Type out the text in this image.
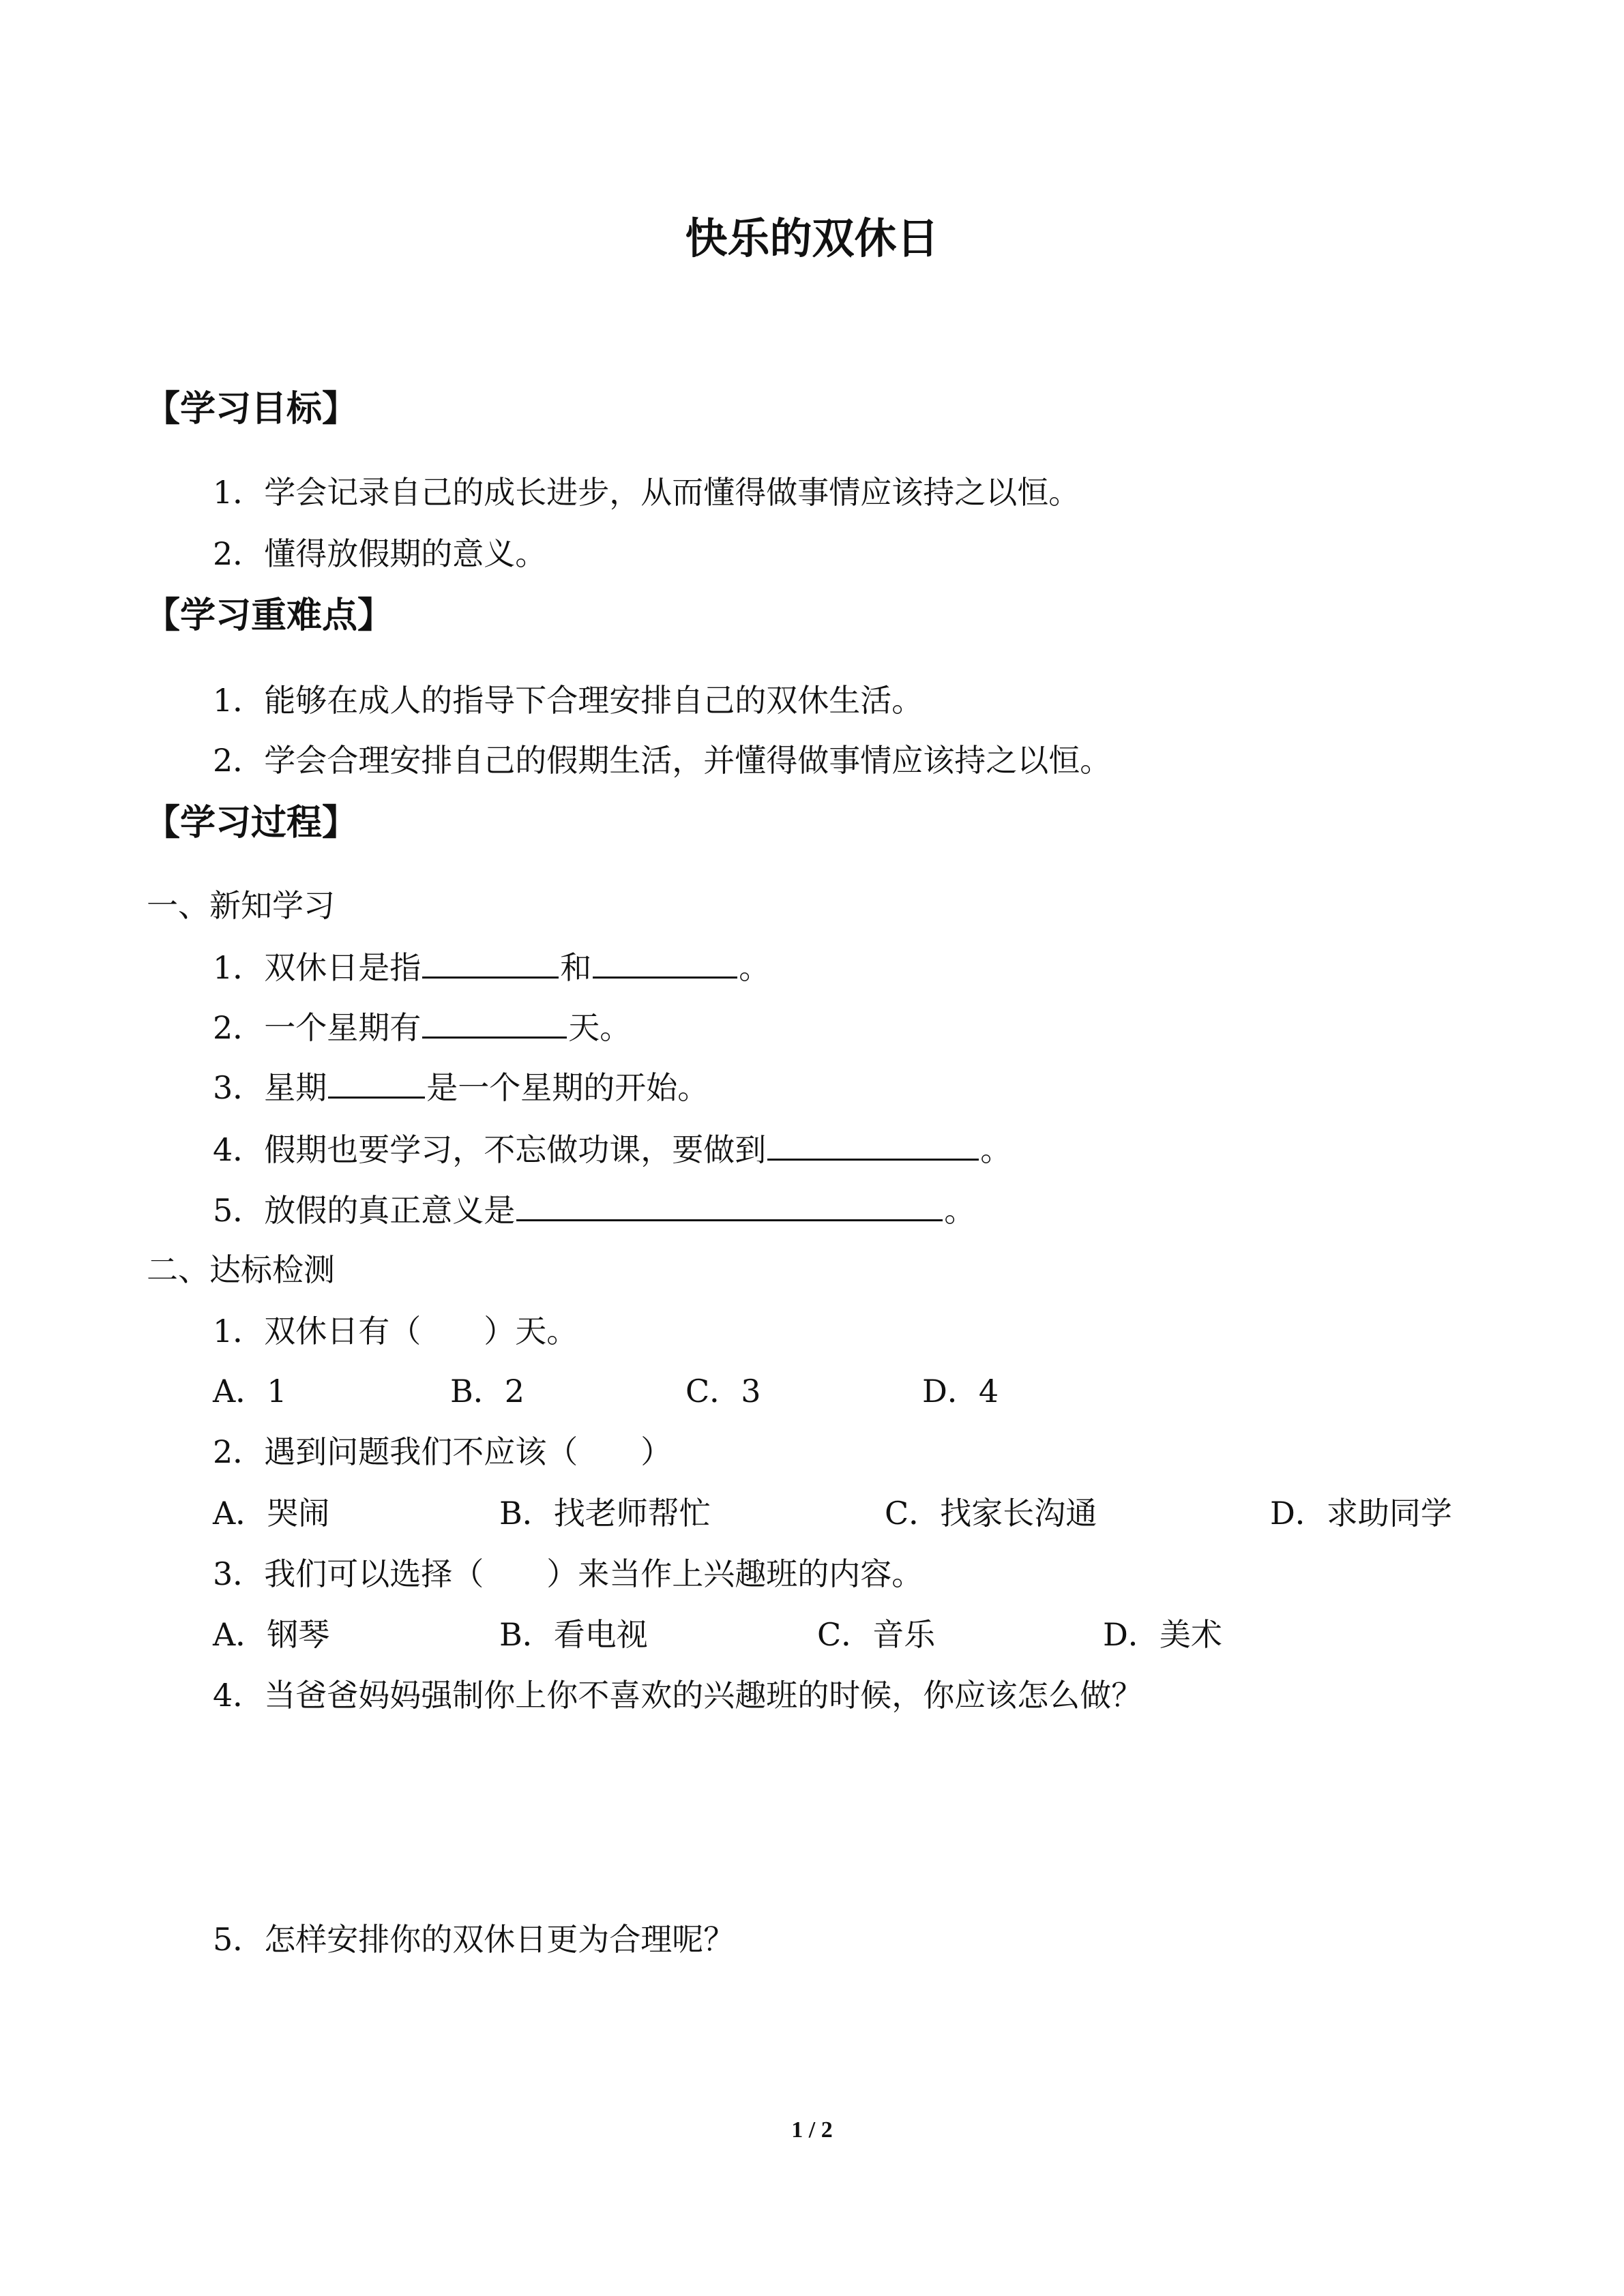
快乐的双休日
【学习目标】
1．学会记录自己的成长进步，从而懂得做事情应该持之以恒。
2．懂得放假期的意义。
【学习重难点】
1．能够在成人的指导下合理安排自己的双休生活。
2．学会合理安排自己的假期生活，并懂得做事情应该持之以恒。
【学习过程】
一、新知学习
1．双休日是指	和	。
2．一个星期有	天。
3．星期	是一个星期的开始。
4．假期也要学习，不忘做功课，要做到	。
5．放假的真正意义是	。
二、达标检测
1．双休日有（ ）天。
A．1	B．2	C．3	D．4
2．遇到问题我们不应该（ ）
A．哭闹	B．找老师帮忙	C．找家长沟通	D．求助同学
3．我们可以选择（ ）来当作上兴趣班的内容。
A．钢琴	B．看电视	C．音乐	D．美术
4．当爸爸妈妈强制你上你不喜欢的兴趣班的时候，你应该怎么做？
5．怎样安排你的双休日更为合理呢？
1 / 2
